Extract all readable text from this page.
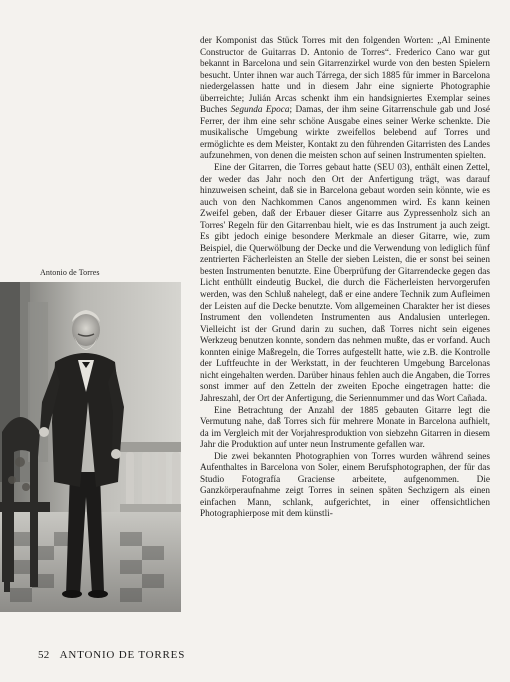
Antonio de Torres

der Komponist das Stück Torres mit den folgenden Worten: „Al Eminente Constructor de Guitarras D. Antonio de Torres“. Frederico Cano war gut bekannt in Barcelona und sein Gitarrenzirkel wurde von den besten Spielern besucht. Unter ihnen war auch Tárrega, der sich 1885 für immer in Barcelona niedergelassen hatte und in diesem Jahr eine signierte Photographie überreichte; Julián Arcas schenkt ihm ein handsigniertes Exemplar seines Buches Segunda Epoca; Damas, der ihm seine Gitarrenschule gab und José Ferrer, der ihm eine sehr schöne Ausgabe eines seiner Werke schenkte. Die musikalische Umgebung wirkte zweifellos belebend auf Torres und ermöglichte es dem Meister, Kontakt zu den führenden Gitarristen des Landes aufzunehmen, von denen die meisten schon auf seinen Instrumenten spielten.

Eine der Gitarren, die Torres gebaut hatte (SEU 03), enthält einen Zettel, der weder das Jahr noch den Ort der Anfertigung trägt, was darauf hinzuweisen scheint, daß sie in Barcelona gebaut worden sein könnte, wie es auch von den Nachkommen Canos angenommen wird. Es kann keinen Zweifel geben, daß der Erbauer dieser Gitarre aus Zypressenholz sich an Torres' Regeln für den Gitarrenbau hielt, wie es das Instrument ja auch zeigt. Es gibt jedoch einige besondere Merkmale an dieser Gitarre, wie, zum Beispiel, die Querwölbung der Decke und die Verwendung von lediglich fünf zentrierten Fächerleisten an Stelle der sieben Leisten, die er sonst bei seinen besten Instrumenten benutzte. Eine Überprüfung der Gitarrendecke gegen das Licht enthüllt eindeutig Buckel, die durch die Fächerleisten hervorgerufen werden, was den Schluß nahelegt, daß er eine andere Technik zum Aufleimen der Leisten auf die Decke benutzte. Vom allgemeinen Charakter her ist dieses Instrument den vollendeten Instrumenten aus Andalusien unterlegen. Vielleicht ist der Grund darin zu suchen, daß Torres nicht sein eigenes Werkzeug benutzen konnte, sondern das nehmen mußte, das er vorfand. Auch konnten einige Maßregeln, die Torres aufgestellt hatte, wie z.B. die Kontrolle der Luftfeuchte in der Werkstatt, in der feuchteren Umgebung Barcelonas nicht eingehalten werden. Darüber hinaus fehlen auch die Angaben, die Torres sonst immer auf den Zetteln der zweiten Epoche eingetragen hatte: die Jahreszahl, der Ort der Anfertigung, die Seriennummer und das Wort Cañada.

Eine Betrachtung der Anzahl der 1885 gebauten Gitarre legt die Vermutung nahe, daß Torres sich für mehrere Monate in Barcelona aufhielt, da im Vergleich mit der Vorjahresproduktion von siebzehn Gitarren in diesem Jahr die Produktion auf unter neun Instrumente gefallen war.

Die zwei bekannten Photographien von Torres wurden während seines Aufenthaltes in Barcelona von Soler, einem Berufsphotographen, der für das Studio Fotografía Graciense arbeitete, aufgenommen. Die Ganzkörperaufnahme zeigt Torres in seinen späten Sechzigern als einen einfachen Mann, schlank, aufgerichtet, in einer offensichtlichen Photographierpose mit dem künstli-

52 ANTONIO DE TORRES
